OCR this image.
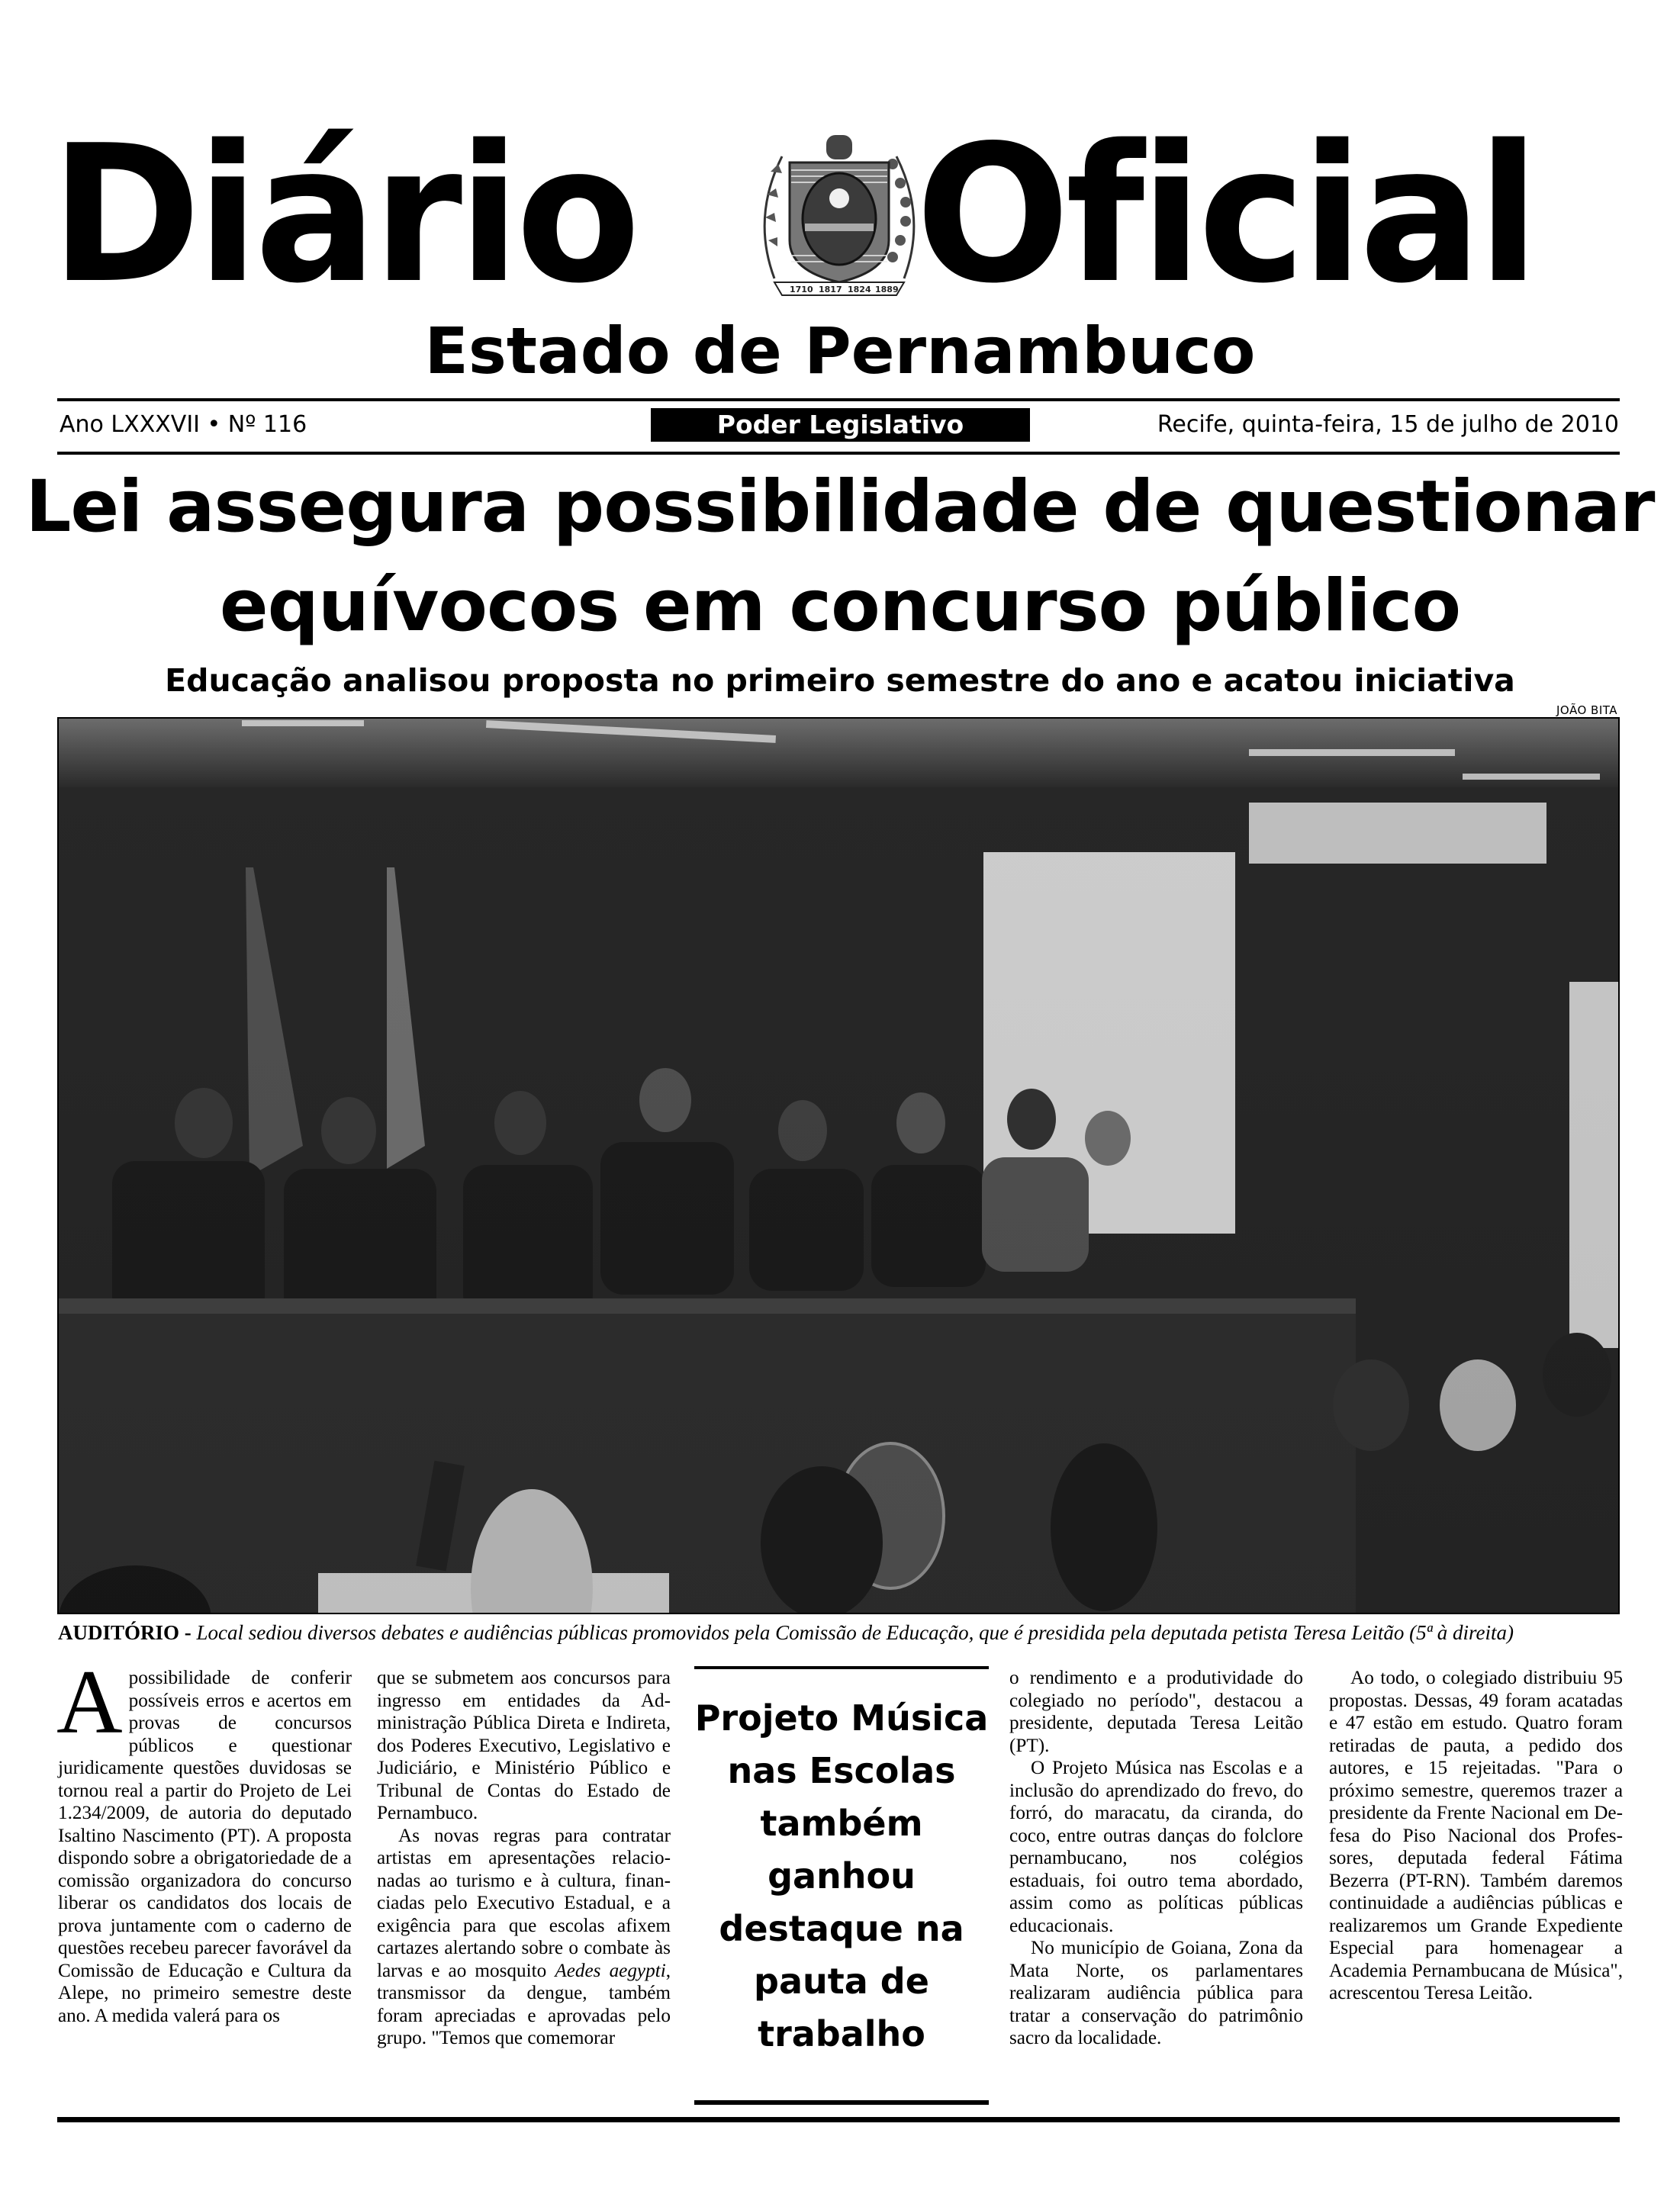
Diário	1710 1817 1824 1889 Oficial
Estado de Pernambuco
Ano LXXXVII • Nº 116	Poder Legislativo	Recife, quinta-feira, 15 de julho de 2010
Lei assegura possibilidade de questionar
equívocos em concurso público
Educação analisou proposta no primeiro semestre do ano e acatou iniciativa
JOÃO BITA
AUDITÓRIO - Local sediou diversos debates e audiências públicas promovidos pela Comissão de Educação, que é presidida pela deputada petista Teresa Leitão (5ª à direita)
A possibilidade de conferir possíveis erros e acertos em provas de concursos públicos e questionar juridicamente questões duvidosas se tornou real a partir do Projeto de Lei 1.234/2009, de autoria do deputado Isaltino Nascimento (PT). A proposta dispondo sobre a obrigatoriedade de a comissão organizadora do concurso liberar os candidatos dos locais de prova juntamente com o caderno de questões recebeu parecer favorável da Comissão de Educação e Cultura da Alepe, no primeiro semestre deste ano. A medida valerá para os

que se submetem aos concursos para ingresso em entidades da Administração Pública Direta e Indireta, dos Poderes Executivo, Legislativo e Judiciário, e Ministério Público e Tribunal de Contas do Estado de Pernambuco.

As novas regras para contratar artistas em apresentações relacionadas ao turismo e à cultura, financiadas pelo Executivo Estadual, e a exigência para que escolas afixem cartazes alertando sobre o combate às larvas e ao mosquito Aedes aegypti, transmissor da dengue, também foram apreciadas e aprovadas pelo grupo. "Temos que comemorar

Projeto Música
nas Escolas
também
ganhou
destaque na
pauta de
trabalho

o rendimento e a produtividade do colegiado no período", destacou a presidente, deputada Teresa Leitão (PT).

O Projeto Música nas Escolas e a inclusão do aprendizado do frevo, do forró, do maracatu, da ciranda, do coco, entre outras danças do folclore pernambucano, nos colégios estaduais, foi outro tema abordado, assim como as políticas públicas educacionais.

No município de Goiana, Zona da Mata Norte, os parlamentares realizaram audiência pública para tratar a conservação do patrimônio sacro da localidade.

Ao todo, o colegiado distribuiu 95 propostas. Dessas, 49 foram acatadas e 47 estão em estudo. Quatro foram retiradas de pauta, a pedido dos autores, e 15 rejeitadas. "Para o próximo semestre, queremos trazer a presidente da Frente Nacional em Defesa do Piso Nacional dos Professores, deputada federal Fátima Bezerra (PT-RN). Também daremos continuidade a audiências públicas e realizaremos um Grande Expediente Especial para homenagear a Academia Pernambucana de Música", acrescentou Teresa Leitão.
